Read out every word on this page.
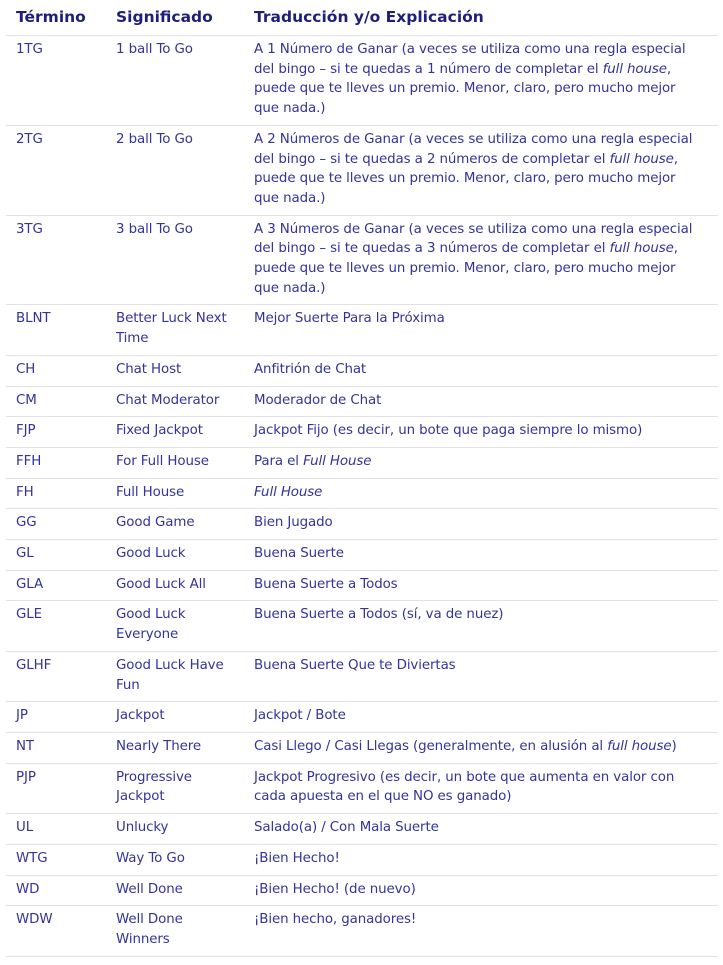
Término	Significado	Traducción y/o Explicación
1TG	1 ball To Go	A 1 Número de Ganar (a veces se utiliza como una regla especial del bingo – si te quedas a 1 número de completar el full house, puede que te lleves un premio. Menor, claro, pero mucho mejor que nada.)
2TG	2 ball To Go	A 2 Números de Ganar (a veces se utiliza como una regla especial del bingo – si te quedas a 2 números de completar el full house, puede que te lleves un premio. Menor, claro, pero mucho mejor que nada.)
3TG	3 ball To Go	A 3 Números de Ganar (a veces se utiliza como una regla especial del bingo – si te quedas a 3 números de completar el full house, puede que te lleves un premio. Menor, claro, pero mucho mejor que nada.)
BLNT	Better Luck Next Time	Mejor Suerte Para la Próxima
CH	Chat Host	Anfitrión de Chat
CM	Chat Moderator	Moderador de Chat
FJP	Fixed Jackpot	Jackpot Fijo (es decir, un bote que paga siempre lo mismo)
FFH	For Full House	Para el Full House
FH	Full House	Full House
GG	Good Game	Bien Jugado
GL	Good Luck	Buena Suerte
GLA	Good Luck All	Buena Suerte a Todos
GLE	Good Luck Everyone	Buena Suerte a Todos (sí, va de nuez)
GLHF	Good Luck Have Fun	Buena Suerte Que te Diviertas
JP	Jackpot	Jackpot / Bote
NT	Nearly There	Casi Llego / Casi Llegas (generalmente, en alusión al full house)
PJP	Progressive Jackpot	Jackpot Progresivo (es decir, un bote que aumenta en valor con cada apuesta en el que NO es ganado)
UL	Unlucky	Salado(a) / Con Mala Suerte
WTG	Way To Go	¡Bien Hecho!
WD	Well Done	¡Bien Hecho! (de nuevo)
WDW	Well Done Winners	¡Bien hecho, ganadores!
